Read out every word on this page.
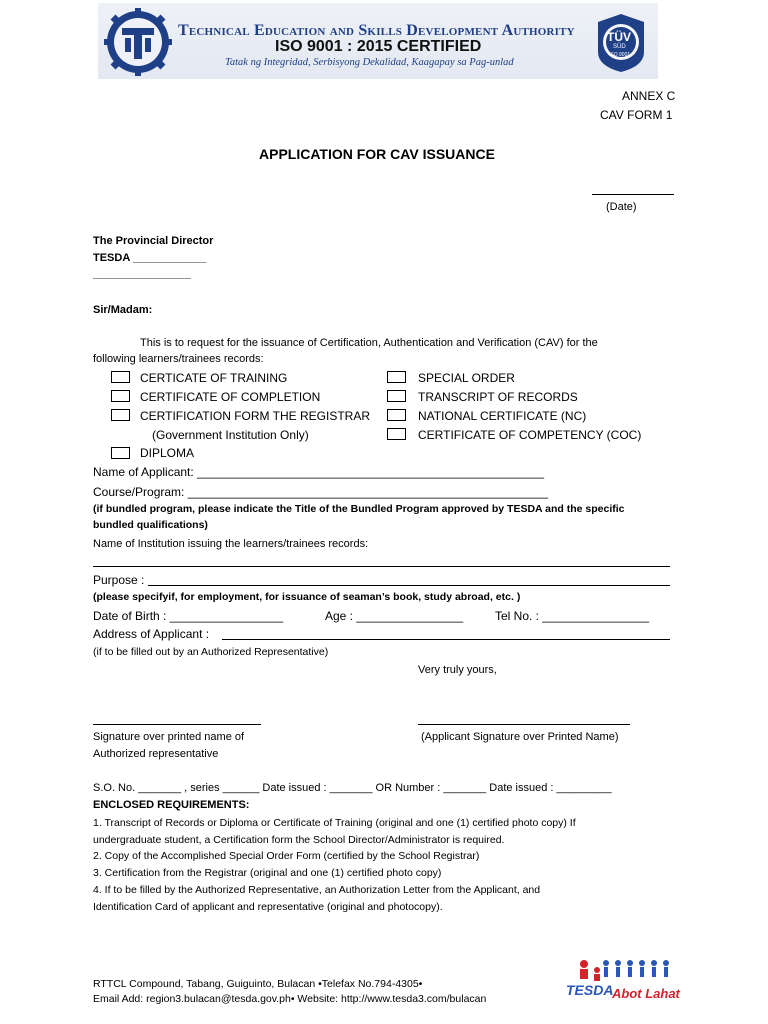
Technical Education and Skills Development Authority
ISO 9001 : 2015 CERTIFIED
Tatak ng Integridad, Serbisyong Dekalidad, Kaagapay sa Pag-unlad
TÜV
SÜD
ISO 9001
ANNEX C
CAV FORM 1
APPLICATION FOR CAV ISSUANCE
(Date)
The Provincial Director
TESDA ____________
________________
Sir/Madam:
This is to request for the issuance of Certification, Authentication and Verification (CAV) for the
following learners/trainees records:
CERTICATE OF TRAINING
CERTIFICATE OF COMPLETION
CERTIFICATION FORM THE REGISTRAR
(Government Institution Only)
DIPLOMA
SPECIAL ORDER
TRANSCRIPT OF RECORDS
NATIONAL CERTIFICATE (NC)
CERTIFICATE OF COMPETENCY (COC)
Name of Applicant: ____________________________________________________
Course/Program: ______________________________________________________
(if bundled program, please indicate the Title of the Bundled Program approved by TESDA and the specific
bundled qualifications)
Name of Institution issuing the learners/trainees records:
Purpose :
(please specifyif, for employment, for issuance of seaman’s book, study abroad, etc. )
Date of Birth : _________________	Age : ________________	Tel No. : ________________
Address of Applicant :
(if to be filled out by an Authorized Representative)
Very truly yours,
Signature over printed name of
Authorized representative
(Applicant Signature over Printed Name)
S.O. No. _______ , series ______ Date issued : _______ OR Number : _______ Date issued : _________
ENCLOSED REQUIREMENTS:
1. Transcript of Records or Diploma or Certificate of Training (original and one (1) certified photo copy) If
undergraduate student, a Certification form the School Director/Administrator is required.
2. Copy of the Accomplished Special Order Form (certified by the School Registrar)
3. Certification from the Registrar (original and one (1) certified photo copy)
4. If to be filled by the Authorized Representative, an Authorization Letter from the Applicant, and
Identification Card of applicant and representative (original and photocopy).
RTTCL Compound, Tabang, Guiguinto, Bulacan •Telefax No.794-4305•
Email Add: region3.bulacan@tesda.gov.ph• Website: http://www.tesda3.com/bulacan
TESDA
Abot Lahat
